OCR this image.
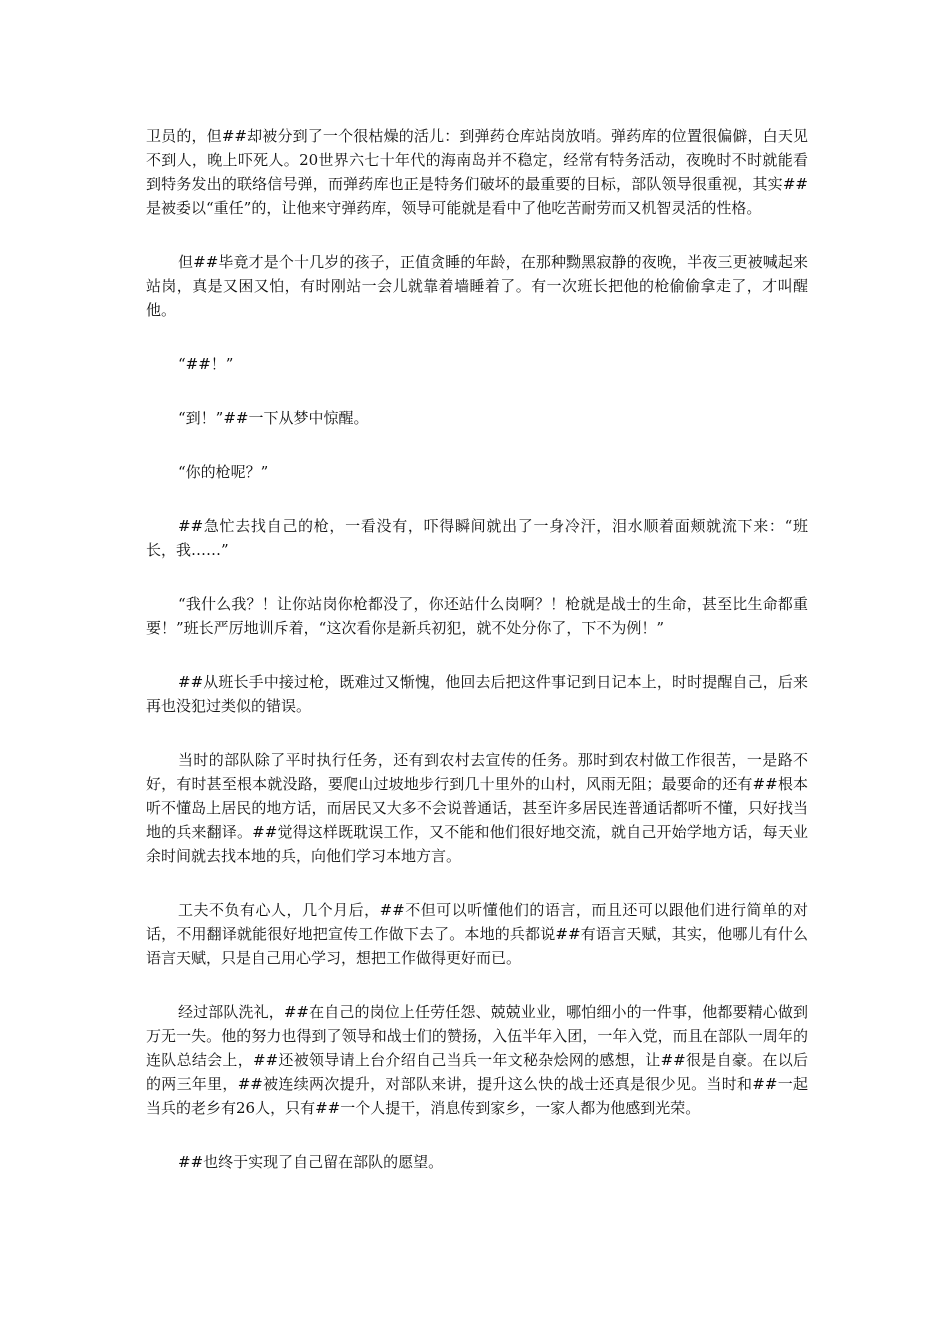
卫员的，但##却被分到了一个很枯燥的活儿：到弹药仓库站岗放哨。弹药库的位置很偏僻，白天见不到人，晚上吓死人。20世界六七十年代的海南岛并不稳定，经常有特务活动，夜晚时不时就能看到特务发出的联络信号弹，而弹药库也正是特务们破坏的最重要的目标，部队领导很重视，其实##是被委以“重任”的，让他来守弹药库，领导可能就是看中了他吃苦耐劳而又机智灵活的性格。

但##毕竟才是个十几岁的孩子，正值贪睡的年龄，在那种黝黑寂静的夜晚，半夜三更被喊起来站岗，真是又困又怕，有时刚站一会儿就靠着墙睡着了。有一次班长把他的枪偷偷拿走了，才叫醒他。

“##！”

“到！”##一下从梦中惊醒。

“你的枪呢？”

##急忙去找自己的枪，一看没有，吓得瞬间就出了一身冷汗，泪水顺着面颊就流下来：“班长，我……”

“我什么我？！让你站岗你枪都没了，你还站什么岗啊？！枪就是战士的生命，甚至比生命都重要！”班长严厉地训斥着，“这次看你是新兵初犯，就不处分你了，下不为例！”

##从班长手中接过枪，既难过又惭愧，他回去后把这件事记到日记本上，时时提醒自己，后来再也没犯过类似的错误。

当时的部队除了平时执行任务，还有到农村去宣传的任务。那时到农村做工作很苦，一是路不好，有时甚至根本就没路，要爬山过坡地步行到几十里外的山村，风雨无阻；最要命的还有##根本听不懂岛上居民的地方话，而居民又大多不会说普通话，甚至许多居民连普通话都听不懂，只好找当地的兵来翻译。##觉得这样既耽误工作，又不能和他们很好地交流，就自己开始学地方话，每天业余时间就去找本地的兵，向他们学习本地方言。

工夫不负有心人，几个月后，##不但可以听懂他们的语言，而且还可以跟他们进行简单的对话，不用翻译就能很好地把宣传工作做下去了。本地的兵都说##有语言天赋，其实，他哪儿有什么语言天赋，只是自己用心学习，想把工作做得更好而已。

经过部队洗礼，##在自己的岗位上任劳任怨、兢兢业业，哪怕细小的一件事，他都要精心做到万无一失。他的努力也得到了领导和战士们的赞扬，入伍半年入团，一年入党，而且在部队一周年的连队总结会上，##还被领导请上台介绍自己当兵一年文秘杂烩网的感想，让##很是自豪。在以后的两三年里，##被连续两次提升，对部队来讲，提升这么快的战士还真是很少见。当时和##一起当兵的老乡有26人，只有##一个人提干，消息传到家乡，一家人都为他感到光荣。

##也终于实现了自己留在部队的愿望。
